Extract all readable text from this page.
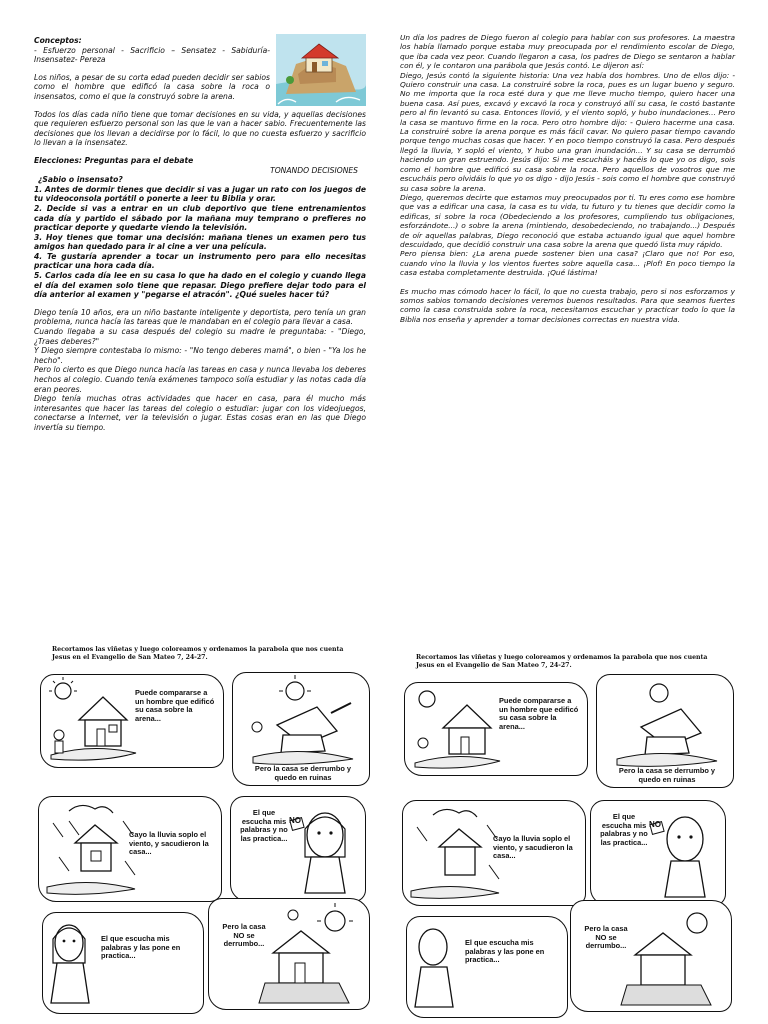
Conceptos:

- Esfuerzo personal - Sacrificio – Sensatez - Sabiduría- Insensatez- Pereza

Los niños, a pesar de su corta edad pueden decidir ser sabios como el hombre que edificó la casa sobre la roca o insensatos, como el que la construyó sobre la arena.

Todos los días cada niño tiene que tomar decisiones en su vida, y aquellas decisiones que requieren esfuerzo personal son las que le van a hacer sabio. Frecuentemente las decisiones que los llevan a decidirse por lo fácil, lo que no cuesta esfuerzo y sacrificio lo llevan a la insensatez.

Elecciones: Preguntas para el debate
TONANDO DECISIONES

¿Sabio o insensato?

1. Antes de dormir tienes que decidir si vas a jugar un rato con los juegos de tu videoconsola portátil o ponerte a leer tu Biblia y orar.

2. Decide si vas a entrar en un club deportivo que tiene entrenamientos cada día y partido el sábado por la mañana muy temprano o prefieres no practicar deporte y quedarte viendo la televisión.

3. Hoy tienes que tomar una decisión: mañana tienes un examen pero tus amigos han quedado para ir al cine a ver una película.

4. Te gustaría aprender a tocar un instrumento pero para ello necesitas practicar una hora cada día.

5. Carlos cada día lee en su casa lo que ha dado en el colegio y cuando llega el día del examen solo tiene que repasar. Diego prefiere dejar todo para el día anterior al examen y "pegarse el atracón". ¿Qué sueles hacer tú?

Diego tenía 10 años, era un niño bastante inteligente y deportista, pero tenía un gran problema, nunca hacía las tareas que le mandaban en el colegio para llevar a casa.

Cuando llegaba a su casa después del colegio su madre le preguntaba: - "Diego, ¿Traes deberes?"

Y Diego siempre contestaba lo mismo: - "No tengo deberes mamá", o bien - "Ya los he hecho".

Pero lo cierto es que Diego nunca hacía las tareas en casa y nunca llevaba los deberes hechos al colegio. Cuando tenía exámenes tampoco solía estudiar y las notas cada día eran peores.

Diego tenía muchas otras actividades que hacer en casa, para él mucho más interesantes que hacer las tareas del colegio o estudiar: jugar con los videojuegos, conectarse a Internet, ver la televisión o jugar. Estas cosas eran en las que Diego invertía su tiempo.

Un día los padres de Diego fueron al colegio para hablar con sus profesores. La maestra los había llamado porque estaba muy preocupada por el rendimiento escolar de Diego, que iba cada vez peor. Cuando llegaron a casa, los padres de Diego se sentaron a hablar con él, y le contaron una parábola que Jesús contó. Le dijeron así:

Diego, Jesús contó la siguiente historia: Una vez había dos hombres. Uno de ellos dijo: - Quiero construir una casa. La construiré sobre la roca, pues es un lugar bueno y seguro. No me importa que la roca esté dura y que me lleve mucho tiempo, quiero hacer una buena casa. Así pues, excavó y excavó la roca y construyó allí su casa, le costó bastante pero al fin levantó su casa. Entonces llovió, y el viento sopló, y hubo inundaciones... Pero la casa se mantuvo firme en la roca. Pero otro hombre dijo: - Quiero hacerme una casa. La construiré sobre la arena porque es más fácil cavar. No quiero pasar tiempo cavando porque tengo muchas cosas que hacer. Y en poco tiempo construyó la casa. Pero después llegó la lluvia, Y sopló el viento, Y hubo una gran inundación... Y su casa se derrumbó haciendo un gran estruendo. Jesús dijo: Si me escucháis y hacéis lo que yo os digo, sois como el hombre que edificó su casa sobre la roca. Pero aquellos de vosotros que me escucháis pero olvidáis lo que yo os digo - dijo Jesús - sois como el hombre que construyó su casa sobre la arena.

Diego, queremos decirte que estamos muy preocupados por ti. Tu eres como ese hombre que vas a edificar una casa, la casa es tu vida, tu futuro y tu tienes que decidir como la edificas, si sobre la roca (Obedeciendo a los profesores, cumpliendo tus obligaciones, esforzándote...) o sobre la arena (mintiendo, desobedeciendo, no trabajando...) Después de oír aquellas palabras, Diego reconoció que estaba actuando igual que aquel hombre descuidado, que decidió construir una casa sobre la arena que quedó lista muy rápido.

Pero piensa bien: ¿La arena puede sostener bien una casa? ¡Claro que no! Por eso, cuando vino la lluvia y los vientos fuertes sobre aquella casa... ¡Plof! En poco tiempo la casa estaba completamente destruida. ¡Qué lástima!

Es mucho mas cómodo hacer lo fácil, lo que no cuesta trabajo, pero si nos esforzamos y somos sabios tomando decisiones veremos buenos resultados. Para que seamos fuertes como la casa construida sobre la roca, necesitamos escuchar y practicar todo lo que la Biblia nos enseña y aprender a tomar decisiones correctas en nuestra vida.

Recortamos las viñetas y luego coloreamos y ordenamos la parabola que nos cuenta Jesus en el Evangelio de San Mateo 7, 24-27.
Puede compararse a un hombre que edificó su casa sobre la arena...
Pero la casa se derrumbo y quedo en ruinas
Cayo la lluvia soplo el viento, y sacudieron la casa...
NO
El que escucha mis palabras y no las practica...
El que escucha mis palabras y las pone en practica...
Pero la casa NO se derrumbo...
Recortamos las viñetas y luego coloreamos y ordenamos la parabola que nos cuenta Jesus en el Evangelio de San Mateo 7, 24-27.
Puede compararse a un hombre que edificó su casa sobre la arena...
Pero la casa se derrumbo y quedo en ruinas
Cayo la lluvia soplo el viento, y sacudieron la casa...
NO
El que escucha mis palabras y no las practica...
El que escucha mis palabras y las pone en practica...
Pero la casa NO se derrumbo...
